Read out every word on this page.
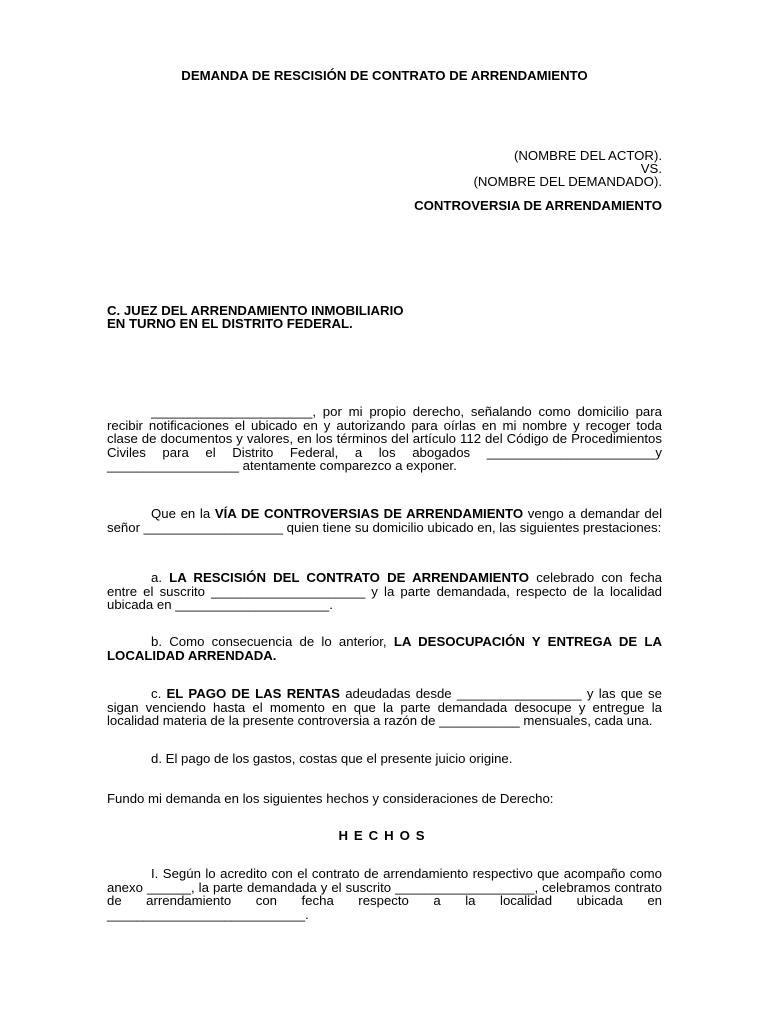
DEMANDA DE RESCISIÓN DE CONTRATO DE ARRENDAMIENTO
(NOMBRE DEL ACTOR).
VS.
(NOMBRE DEL DEMANDADO).
CONTROVERSIA DE ARRENDAMIENTO
C. JUEZ DEL ARRENDAMIENTO INMOBILIARIO
EN TURNO EN EL DISTRITO FEDERAL.

______________________, por mi propio derecho, señalando como domicilio para recibir notificaciones el ubicado en y autorizando para oírlas en mi nombre y recoger toda clase de documentos y valores, en los términos del artículo 112 del Código de Procedimientos Civiles para el Distrito Federal, a los abogados _______________________y __________________ atentamente comparezco a exponer.

Que en la VÍA DE CONTROVERSIAS DE ARRENDAMIENTO vengo a demandar del señor ___________________ quien tiene su domicilio ubicado en, las siguientes prestaciones:

a. LA RESCISIÓN DEL CONTRATO DE ARRENDAMIENTO celebrado con fecha entre el suscrito _____________________ y la parte demandada, respecto de la localidad ubicada en _____________________.

b. Como consecuencia de lo anterior, LA DESOCUPACIÓN Y ENTREGA DE LA LOCALIDAD ARRENDADA.

c. EL PAGO DE LAS RENTAS adeudadas desde _________________ y las que se sigan venciendo hasta el momento en que la parte demandada desocupe y entregue la localidad materia de la presente controversia a razón de ___________ mensuales, cada una.

d. El pago de los gastos, costas que el presente juicio origine.

Fundo mi demanda en los siguientes hechos y consideraciones de Derecho:

HECHOS

I. Según lo acredito con el contrato de arrendamiento respectivo que acompaño como anexo ______, la parte demandada y el suscrito ___________________, celebramos contrato de arrendamiento con fecha respecto a la localidad ubicada en ___________________________.
